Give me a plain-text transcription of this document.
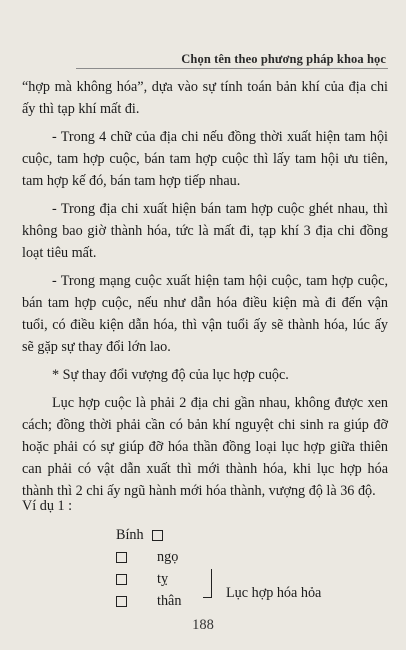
Chọn tên theo phương pháp khoa học

“hợp mà không hóa”, dựa vào sự tính toán bản khí của địa chi ấy thì tạp khí mất đi.

- Trong 4 chữ của địa chi nếu đồng thời xuất hiện tam hội cuộc, tam hợp cuộc, bán tam hợp cuộc thì lấy tam hội ưu tiên, tam hợp kế đó, bán tam hợp tiếp nhau.

- Trong địa chi xuất hiện bán tam hợp cuộc ghét nhau, thì không bao giờ thành hóa, tức là mất đi, tạp khí 3 địa chi đồng loạt tiêu mất.

- Trong mạng cuộc xuất hiện tam hội cuộc, tam hợp cuộc, bán tam hợp cuộc, nếu như dẫn hóa điều kiện mà đi đến vận tuổi, có điều kiện dẫn hóa, thì vận tuổi ấy sẽ thành hóa, lúc ấy sẽ gặp sự thay đổi lớn lao.

* Sự thay đổi vượng độ của lục hợp cuộc.

Lục hợp cuộc là phải 2 địa chi gần nhau, không được xen cách; đồng thời phải cần có bản khí nguyệt chi sinh ra giúp đỡ hoặc phải có sự giúp đỡ hóa thần đồng loại lục hợp giữa thiên can phải có vật dẫn xuất thì mới thành hóa, khi lục hợp hóa thành thì 2 chi ấy ngũ hành mới hóa thành, vượng độ là 36 độ.

Ví dụ 1 :
Bính
ngọ
tỵ
thân	Lục hợp hóa hỏa
188
